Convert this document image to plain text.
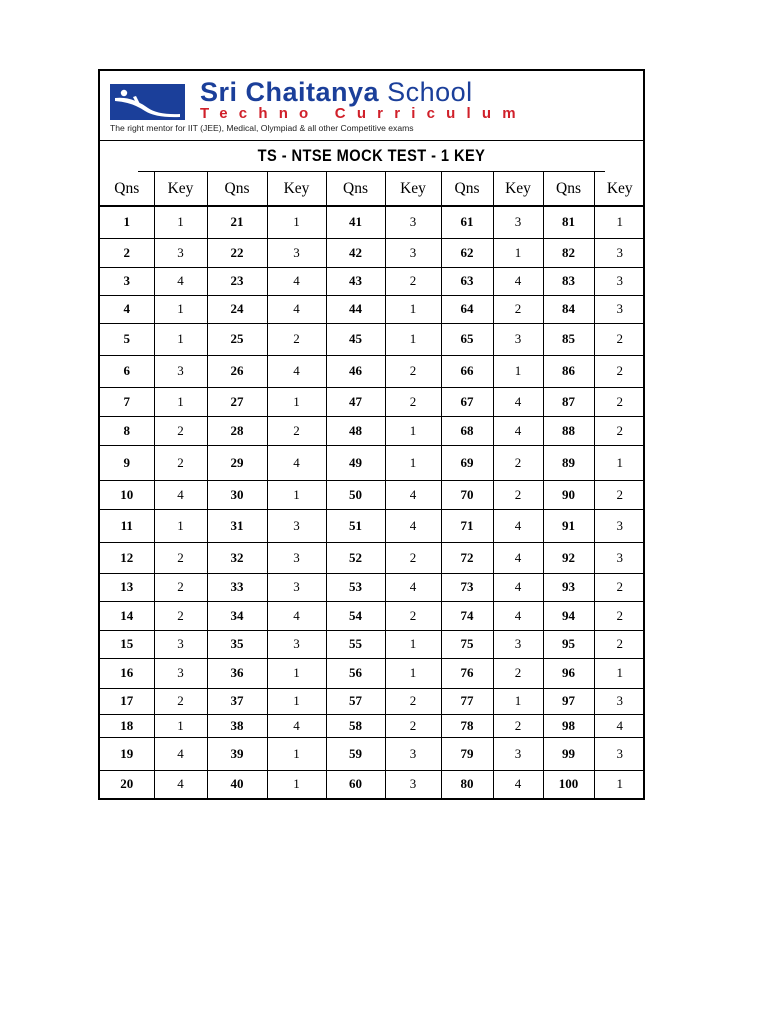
Sri Chaitanya School
Techno Curriculum
The right mentor for IIT (JEE), Medical, Olympiad & all other Competitive exams
TS - NTSE MOCK TEST - 1 KEY
Qns	Key	Qns	Key	Qns	Key	Qns	Key	Qns	Key
1	1	21	1	41	3	61	3	81	1
2	3	22	3	42	3	62	1	82	3
3	4	23	4	43	2	63	4	83	3
4	1	24	4	44	1	64	2	84	3
5	1	25	2	45	1	65	3	85	2
6	3	26	4	46	2	66	1	86	2
7	1	27	1	47	2	67	4	87	2
8	2	28	2	48	1	68	4	88	2
9	2	29	4	49	1	69	2	89	1
10	4	30	1	50	4	70	2	90	2
11	1	31	3	51	4	71	4	91	3
12	2	32	3	52	2	72	4	92	3
13	2	33	3	53	4	73	4	93	2
14	2	34	4	54	2	74	4	94	2
15	3	35	3	55	1	75	3	95	2
16	3	36	1	56	1	76	2	96	1
17	2	37	1	57	2	77	1	97	3
18	1	38	4	58	2	78	2	98	4
19	4	39	1	59	3	79	3	99	3
20	4	40	1	60	3	80	4	100	1
